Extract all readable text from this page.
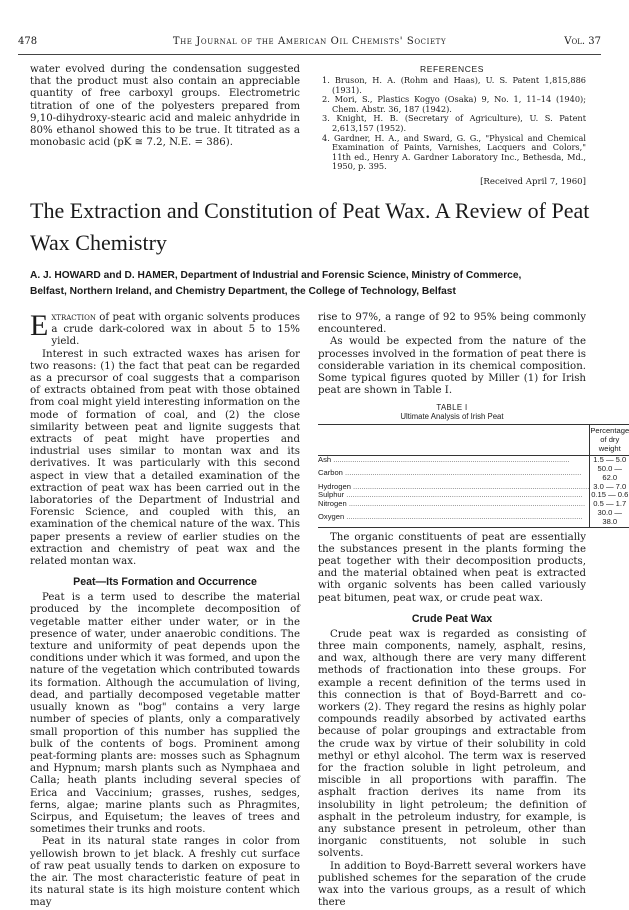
478	The Journal of the American Oil Chemists' Society	Vol. 37

water evolved during the condensation suggested that the product must also contain an appreciable quantity of free carboxyl groups. Electrometric titration of one of the polyesters prepared from 9,10-dihydroxy-stearic acid and maleic anhydride in 80% ethanol showed this to be true. It titrated as a monobasic acid (pK ≅ 7.2, N.E. = 386).

REFERENCES

1. Bruson, H. A. (Rohm and Haas), U. S. Patent 1,815,886 (1931).
2. Mori, S., Plastics Kogyo (Osaka) 9, No. 1, 11–14 (1940); Chem. Abstr. 36, 187 (1942).
3. Knight, H. B. (Secretary of Agriculture), U. S. Patent 2,613,157 (1952).
4. Gardner, H. A., and Sward, G. G., "Physical and Chemical Examination of Paints, Varnishes, Lacquers and Colors," 11th ed., Henry A. Gardner Laboratory Inc., Bethesda, Md., 1950, p. 395.
[Received April 7, 1960]
The Extraction and Constitution of Peat Wax. A Review of Peat Wax Chemistry
A. J. HOWARD and D. HAMER, Department of Industrial and Forensic Science, Ministry of Commerce,
Belfast, Northern Ireland, and Chemistry Department, the College of Technology, Belfast

Extraction of peat with organic solvents produces a crude dark-colored wax in about 5 to 15% yield.

Interest in such extracted waxes has arisen for two reasons: (1) the fact that peat can be regarded as a precursor of coal suggests that a comparison of extracts obtained from peat with those obtained from coal might yield interesting information on the mode of formation of coal, and (2) the close similarity between peat and lignite suggests that extracts of peat might have properties and industrial uses similar to montan wax and its derivatives. It was particularly with this second aspect in view that a detailed examination of the extraction of peat wax has been carried out in the laboratories of the Department of Industrial and Forensic Science, and coupled with this, an examination of the chemical nature of the wax. This paper presents a review of earlier studies on the extraction and chemistry of peat wax and the related montan wax.

Peat—Its Formation and Occurrence

Peat is a term used to describe the material produced by the incomplete decomposition of vegetable matter either under water, or in the presence of water, under anaerobic conditions. The texture and uniformity of peat depends upon the conditions under which it was formed, and upon the nature of the vegetation which contributed towards its formation. Although the accumulation of living, dead, and partially decomposed vegetable matter usually known as "bog" contains a very large number of species of plants, only a comparatively small proportion of this number has supplied the bulk of the contents of bogs. Prominent among peat-forming plants are: mosses such as Sphagnum and Hypnum; marsh plants such as Nymphaea and Calla; heath plants including several species of Erica and Vaccinium; grasses, rushes, sedges, ferns, algae; marine plants such as Phragmites, Scirpus, and Equisetum; the leaves of trees and sometimes their trunks and roots.

Peat in its natural state ranges in color from yellowish brown to jet black. A freshly cut surface of raw peat usually tends to darken on exposure to the air. The most characteristic feature of peat in its natural state is its high moisture content which may

rise to 97%, a range of 92 to 95% being commonly encountered.

As would be expected from the nature of the processes involved in the formation of peat there is considerable variation in its chemical composition. Some typical figures quoted by Miller (1) for Irish peat are shown in Table I.

TABLE I
Ultimate Analysis of Irish Peat
	Percentage of dry weight
Ash .....	1.5 — 5.0
Carbon .....	50.0 — 62.0
Hydrogen .....	3.0 — 7.0
Sulphur .....	0.15 — 0.6
Nitrogen .....	0.5 — 1.7
Oxygen .....	30.0 — 38.0

The organic constituents of peat are essentially the substances present in the plants forming the peat together with their decomposition products, and the material obtained when peat is extracted with organic solvents has been called variously peat bitumen, peat wax, or crude peat wax.

Crude Peat Wax

Crude peat wax is regarded as consisting of three main components, namely, asphalt, resins, and wax, although there are very many different methods of fractionation into these groups. For example a recent definition of the terms used in this connection is that of Boyd-Barrett and co-workers (2). They regard the resins as highly polar compounds readily absorbed by activated earths because of polar groupings and extractable from the crude wax by virtue of their solubility in cold methyl or ethyl alcohol. The term wax is reserved for the fraction soluble in light petroleum, and miscible in all proportions with paraffin. The asphalt fraction derives its name from its insolubility in light petroleum; the definition of asphalt in the petroleum industry, for example, is any substance present in petroleum, other than inorganic constituents, not soluble in such solvents.

In addition to Boyd-Barrett several workers have published schemes for the separation of the crude wax into the various groups, as a result of which there
